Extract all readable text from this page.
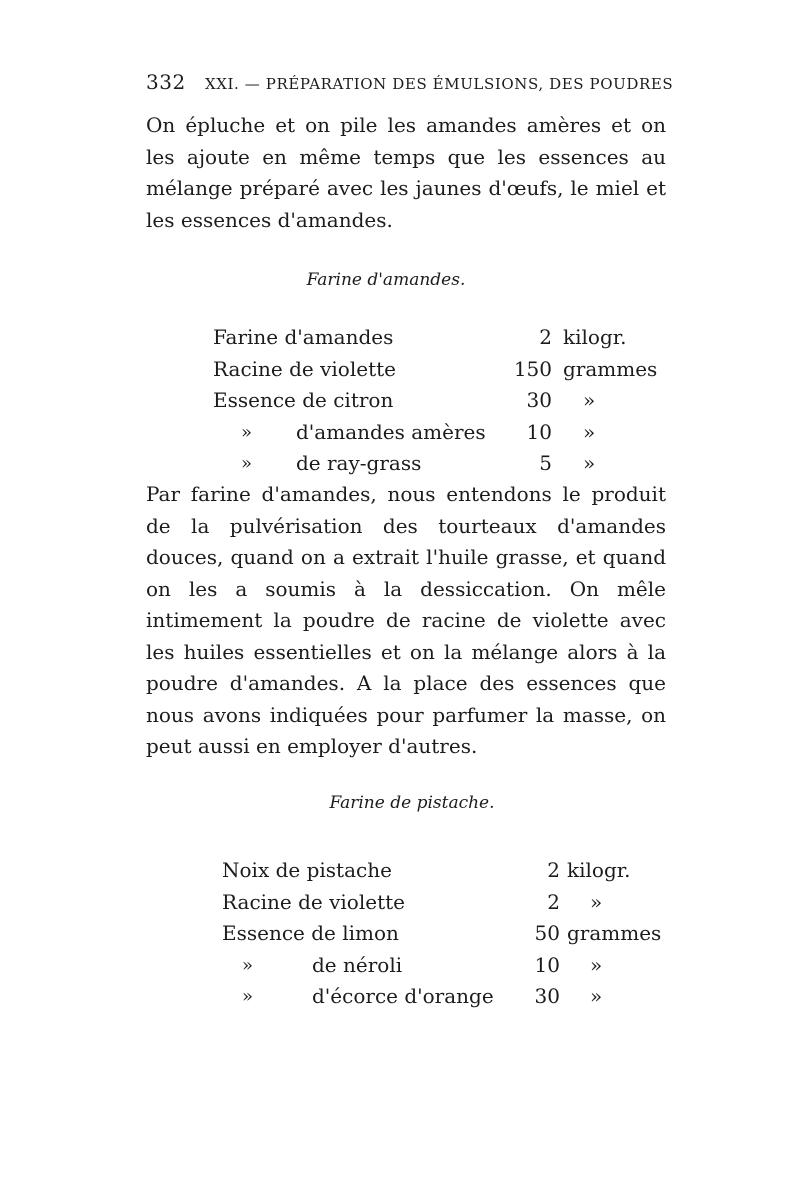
332 XXI. — PRÉPARATION DES ÉMULSIONS, DES POUDRES

On épluche et on pile les amandes amères et on les ajoute en même temps que les essences au mélange préparé avec les jaunes d'œufs, le miel et les essences d'amandes.

Farine d'amandes.
Farine d'amandes	2 kilogr.
Racine de violette	150 grammes
Essence de citron	30 »
» d'amandes amères 10 »
» de ray-grass	5 »

Par farine d'amandes, nous entendons le produit de la pulvérisation des tourteaux d'amandes douces, quand on a extrait l'huile grasse, et quand on les a soumis à la dessiccation. On mêle intimement la poudre de racine de violette avec les huiles essentielles et on la mélange alors à la poudre d'amandes. A la place des essences que nous avons indiquées pour parfumer la masse, on peut aussi en employer d'autres.

Farine de pistache.
Noix de pistache	2 kilogr.
Racine de violette	2 »
Essence de limon	50 grammes
»	de néroli	10 »
»	d'écorce d'orange 30 »
